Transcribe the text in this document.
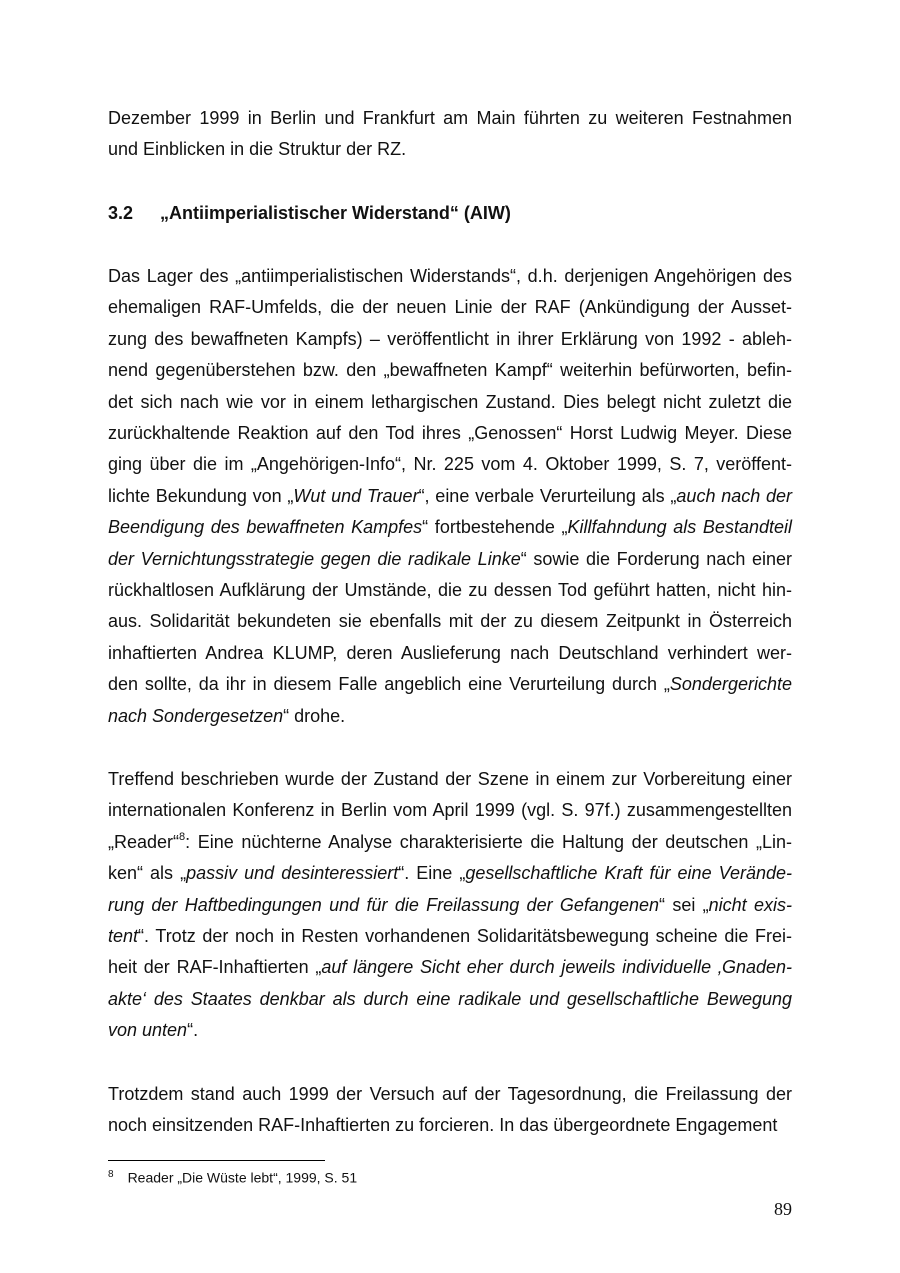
Dezember 1999 in Berlin und Frankfurt am Main führten zu weiteren Festnahmen
und Einblicken in die Struktur der RZ.
3.2 „Antiimperialistischer Widerstand“ (AIW)
Das Lager des „antiimperialistischen Widerstands“, d.h. derjenigen Angehörigen des
ehemaligen RAF-Umfelds, die der neuen Linie der RAF (Ankündigung der Ausset-
zung des bewaffneten Kampfs) – veröffentlicht in ihrer Erklärung von 1992 - ableh-
nend gegenüberstehen bzw. den „bewaffneten Kampf“ weiterhin befürworten, befin-
det sich nach wie vor in einem lethargischen Zustand. Dies belegt nicht zuletzt die
zurückhaltende Reaktion auf den Tod ihres „Genossen“ Horst Ludwig Meyer. Diese
ging über die im „Angehörigen-Info“, Nr. 225 vom 4. Oktober 1999, S. 7, veröffent-
lichte Bekundung von „Wut und Trauer“, eine verbale Verurteilung als „auch nach der
Beendigung des bewaffneten Kampfes“ fortbestehende „Killfahndung als Bestandteil
der Vernichtungsstrategie gegen die radikale Linke“ sowie die Forderung nach einer
rückhaltlosen Aufklärung der Umstände, die zu dessen Tod geführt hatten, nicht hin-
aus. Solidarität bekundeten sie ebenfalls mit der zu diesem Zeitpunkt in Österreich
inhaftierten Andrea KLUMP, deren Auslieferung nach Deutschland verhindert wer-
den sollte, da ihr in diesem Falle angeblich eine Verurteilung durch „Sondergerichte
nach Sondergesetzen“ drohe.
Treffend beschrieben wurde der Zustand der Szene in einem zur Vorbereitung einer
internationalen Konferenz in Berlin vom April 1999 (vgl. S. 97f.) zusammengestellten
„Reader“$^8$: Eine nüchterne Analyse charakterisierte die Haltung der deutschen „Lin-
ken“ als „passiv und desinteressiert“. Eine „gesellschaftliche Kraft für eine Verände-
rung der Haftbedingungen und für die Freilassung der Gefangenen“ sei „nicht exis-
tent“. Trotz der noch in Resten vorhandenen Solidaritätsbewegung scheine die Frei-
heit der RAF-Inhaftierten „auf längere Sicht eher durch jeweils individuelle ‚Gnaden-
akte‘ des Staates denkbar als durch eine radikale und gesellschaftliche Bewegung
von unten“.
Trotzdem stand auch 1999 der Versuch auf der Tagesordnung, die Freilassung der
noch einsitzenden RAF-Inhaftierten zu forcieren. In das übergeordnete Engagement
$^8$ Reader „Die Wüste lebt“, 1999, S. 51
89
